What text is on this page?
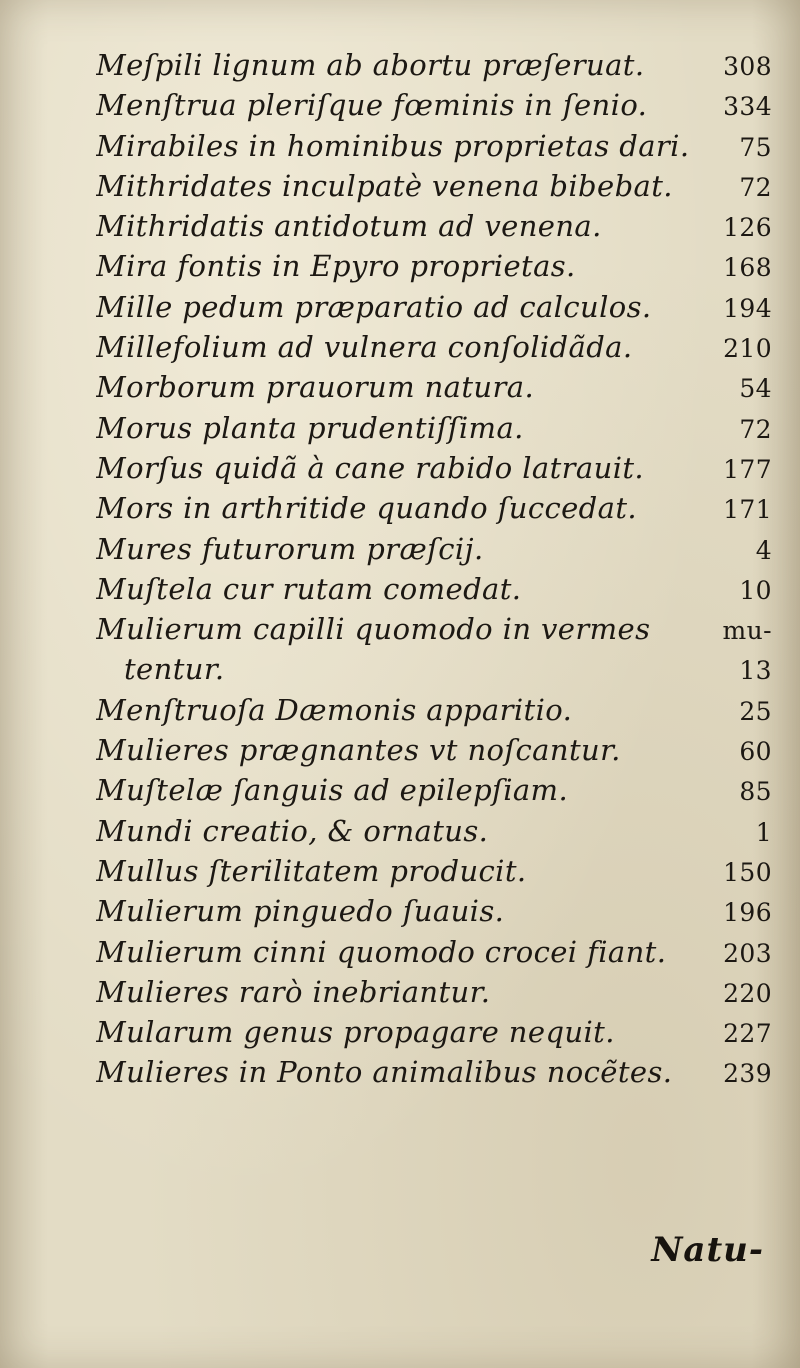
Meſpili lignum ab abortu præſeruat.	308
Menſtrua pleriſque fœminis in ſenio.	334
Mirabiles in hominibus proprietas dari.	75
Mithridates inculpatè venena bibebat.	72
Mithridatis antidotum ad venena.	126
Mira fontis in Epyro proprietas.	168
Mille pedum præparatio ad calculos.	194
Millefolium ad vulnera conſolidãda.	210
Morborum prauorum natura.	54
Morus planta prudentiſſima.	72
Morſus quidã à cane rabido latrauit.	177
Mors in arthritide quando ſuccedat.	171
Mures futurorum præſcij.	4
Muſtela cur rutam comedat.	10
Mulierum capilli quomodo in vermes	mu-
tentur.	13
Menſtruoſa Dæmonis apparitio.	25
Mulieres prægnantes vt noſcantur.	60
Muſtelæ ſanguis ad epilepſiam.	85
Mundi creatio, & ornatus.	1
Mullus ſterilitatem producit.	150
Mulierum pinguedo ſuauis.	196
Mulierum cinni quomodo crocei fiant.	203
Mulieres rarò inebriantur.	220
Mularum genus propagare nequit.	227
Mulieres in Ponto animalibus nocẽtes.	239
Natu-
